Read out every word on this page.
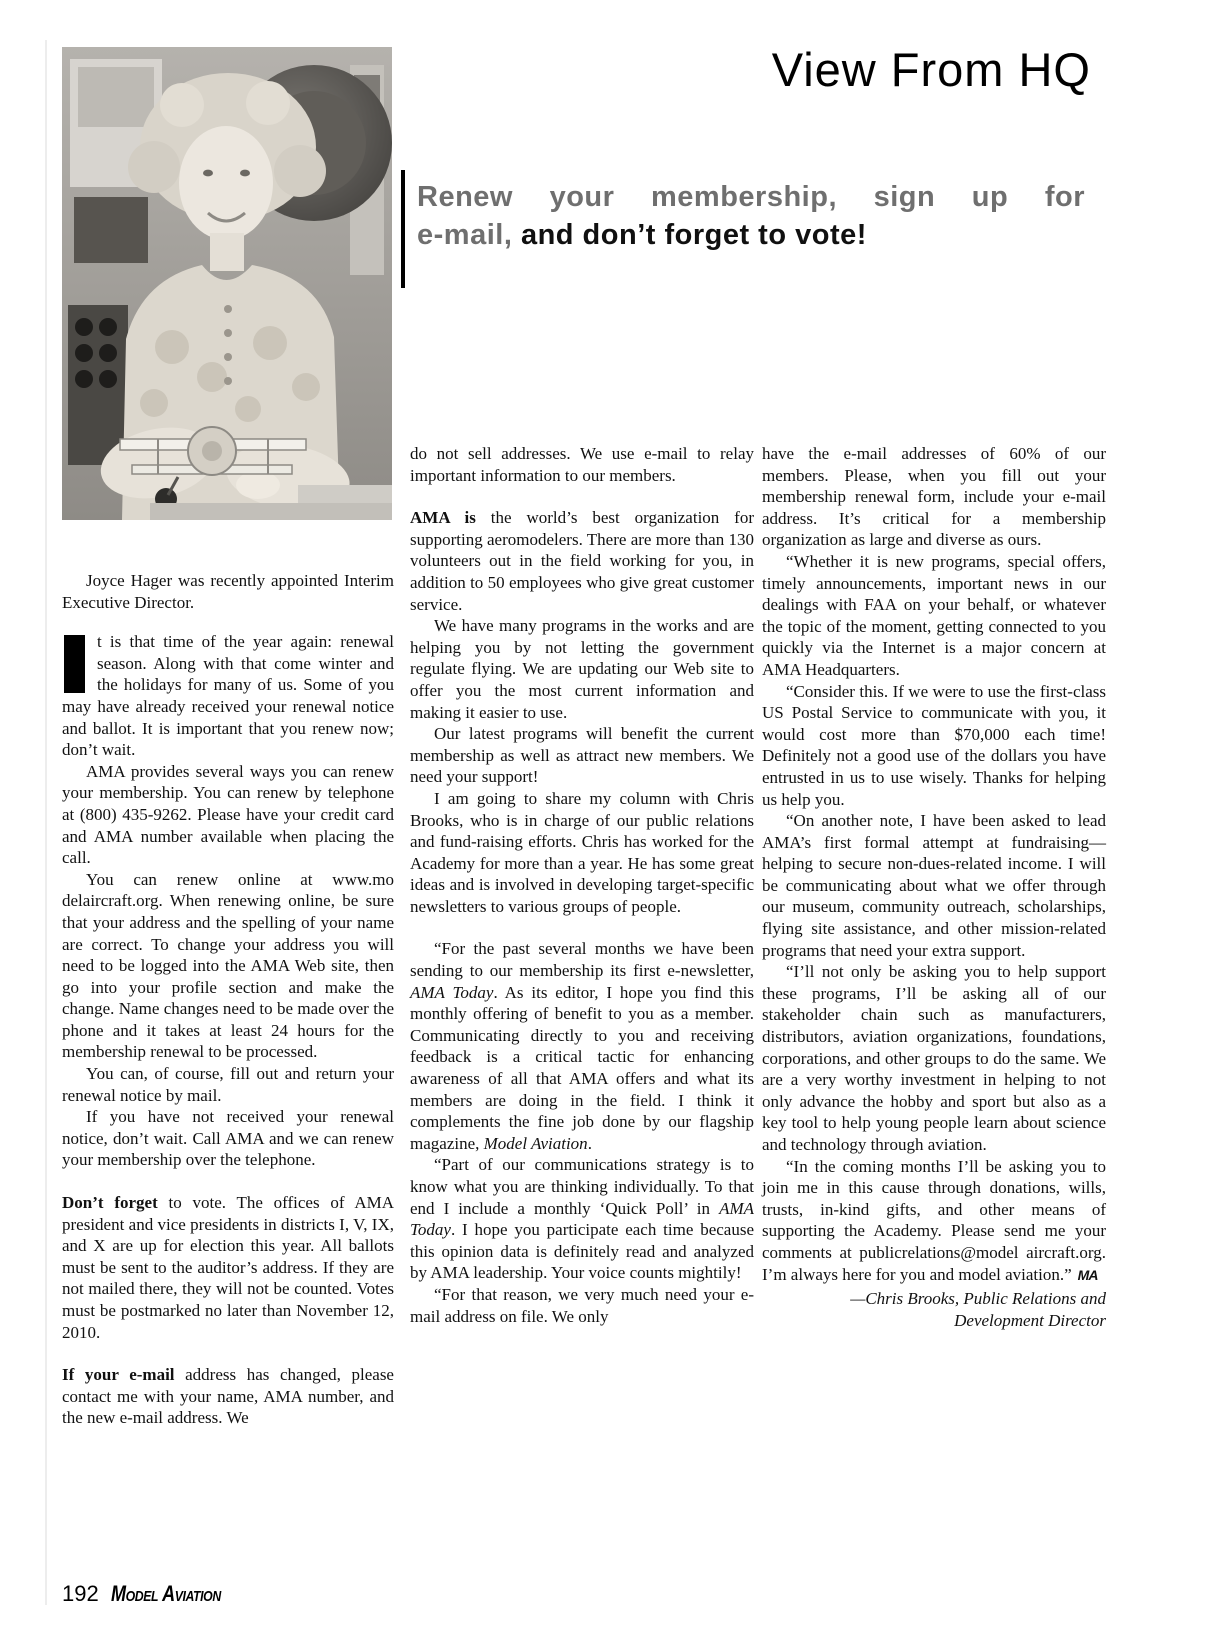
View From HQ
Renew your membership, sign up for
e-mail, and don’t forget to vote!

Joyce Hager was recently appointed Interim Executive Director.

t is that time of the year again: renewal season. Along with that come winter and the holidays for many of us. Some of you may have already received your renewal notice and ballot. It is important that you renew now; don’t wait.

AMA provides several ways you can renew your membership. You can renew by telephone at (800) 435-9262. Please have your credit card and AMA number available when placing the call.

You can renew online at www.mo delaircraft.org. When renewing online, be sure that your address and the spelling of your name are correct. To change your address you will need to be logged into the AMA Web site, then go into your profile section and make the change. Name changes need to be made over the phone and it takes at least 24 hours for the membership renewal to be processed.

You can, of course, fill out and return your renewal notice by mail.

If you have not received your renewal notice, don’t wait. Call AMA and we can renew your membership over the telephone.

Don’t forget to vote. The offices of AMA president and vice presidents in districts I, V, IX, and X are up for election this year. All ballots must be sent to the auditor’s address. If they are not mailed there, they will not be counted. Votes must be postmarked no later than November 12, 2010.

If your e-mail address has changed, please contact me with your name, AMA number, and the new e-mail address. We

do not sell addresses. We use e-mail to relay important information to our members.

AMA is the world’s best organization for supporting aeromodelers. There are more than 130 volunteers out in the field working for you, in addition to 50 employees who give great customer service.

We have many programs in the works and are helping you by not letting the government regulate flying. We are updating our Web site to offer you the most current information and making it easier to use.

Our latest programs will benefit the current membership as well as attract new members. We need your support!

I am going to share my column with Chris Brooks, who is in charge of our public relations and fund-raising efforts. Chris has worked for the Academy for more than a year. He has some great ideas and is involved in developing target-specific newsletters to various groups of people.

“For the past several months we have been sending to our membership its first e-newsletter, AMA Today. As its editor, I hope you find this monthly offering of benefit to you as a member. Communicating directly to you and receiving feedback is a critical tactic for enhancing awareness of all that AMA offers and what its members are doing in the field. I think it complements the fine job done by our flagship magazine, Model Aviation.

“Part of our communications strategy is to know what you are thinking individually. To that end I include a monthly ‘Quick Poll’ in AMA Today. I hope you participate each time because this opinion data is definitely read and analyzed by AMA leadership. Your voice counts mightily!

“For that reason, we very much need your e-mail address on file. We only

have the e-mail addresses of 60% of our members. Please, when you fill out your membership renewal form, include your e-mail address. It’s critical for a membership organization as large and diverse as ours.

“Whether it is new programs, special offers, timely announcements, important news in our dealings with FAA on your behalf, or whatever the topic of the moment, getting connected to you quickly via the Internet is a major concern at AMA Headquarters.

“Consider this. If we were to use the first-class US Postal Service to communicate with you, it would cost more than $70,000 each time! Definitely not a good use of the dollars you have entrusted in us to use wisely. Thanks for helping us help you.

“On another note, I have been asked to lead AMA’s first formal attempt at fundraising—helping to secure non-dues-related income. I will be communicating about what we offer through our museum, community outreach, scholarships, flying site assistance, and other mission-related programs that need your extra support.

“I’ll not only be asking you to help support these programs, I’ll be asking all of our stakeholder chain such as manufacturers, distributors, aviation organizations, foundations, corporations, and other groups to do the same. We are a very worthy investment in helping to not only advance the hobby and sport but also as a key tool to help young people learn about science and technology through aviation.

“In the coming months I’ll be asking you to join me in this cause through donations, wills, trusts, in-kind gifts, and other means of supporting the Academy. Please send me your comments at publicrelations@model aircraft.org. I’m always here for you and model aviation.” MA

—Chris Brooks, Public Relations and
Development Director

192 Model Aviation
